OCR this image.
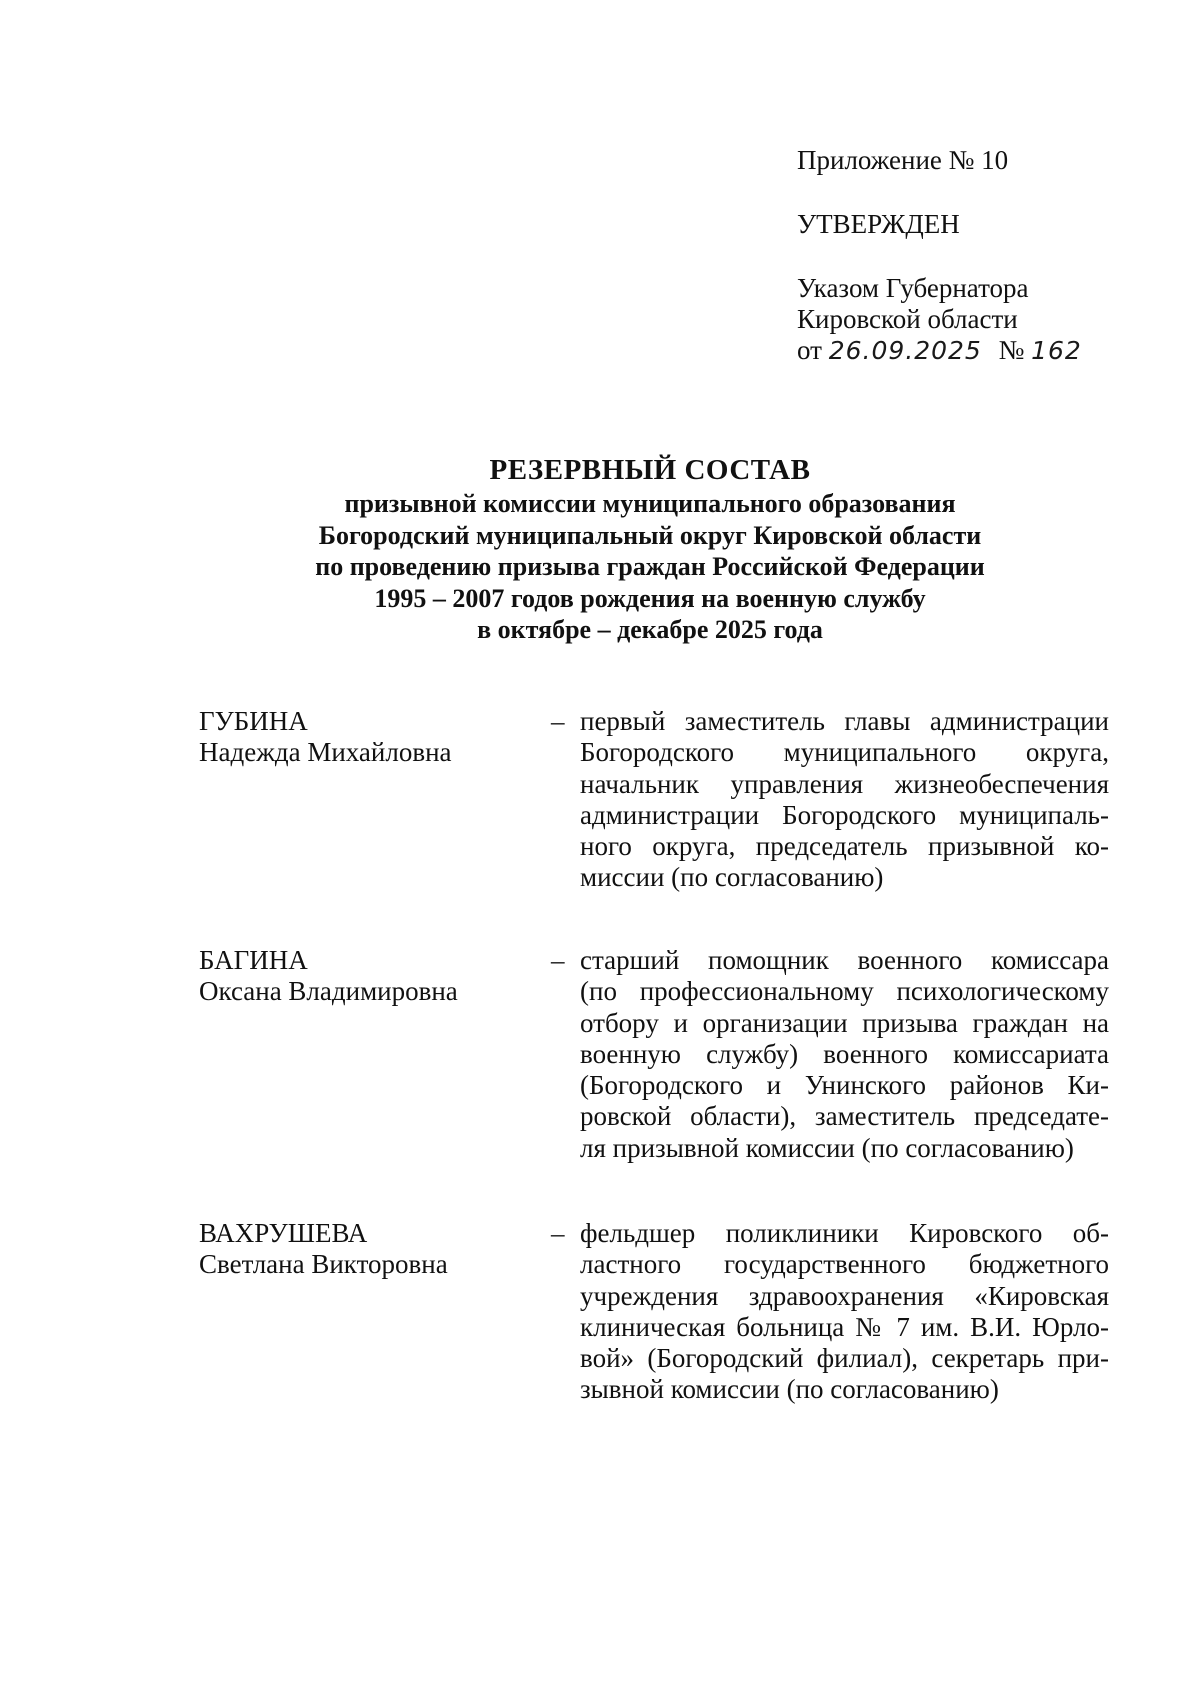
Приложение № 10
УТВЕРЖДЕН
Указом Губернатора
Кировской области
от 26.09.2025 № 162
РЕЗЕРВНЫЙ СОСТАВ
призывной комиссии муниципального образования
Богородский муниципальный округ Кировской области
по проведению призыва граждан Российской Федерации
1995 – 2007 годов рождения на военную службу
в октябре – декабре 2025 года
ГУБИНА
Надежда Михайловна
– первый заместитель главы администрации
Богородского муниципального округа,
начальник управления жизнеобеспечения
администрации Богородского муниципаль-
ного округа, председатель призывной ко-
миссии (по согласованию)
БАГИНА
Оксана Владимировна
– старший помощник военного комиссара
(по профессиональному психологическому
отбору и организации призыва граждан на
военную службу) военного комиссариата
(Богородского и Унинского районов Ки-
ровской области), заместитель председате-
ля призывной комиссии (по согласованию)
ВАХРУШЕВА
Светлана Викторовна
– фельдшер поликлиники Кировского об-
ластного государственного бюджетного
учреждения здравоохранения «Кировская
клиническая больница № 7 им. В.И. Юрло-
вой» (Богородский филиал), секретарь при-
зывной комиссии (по согласованию)
